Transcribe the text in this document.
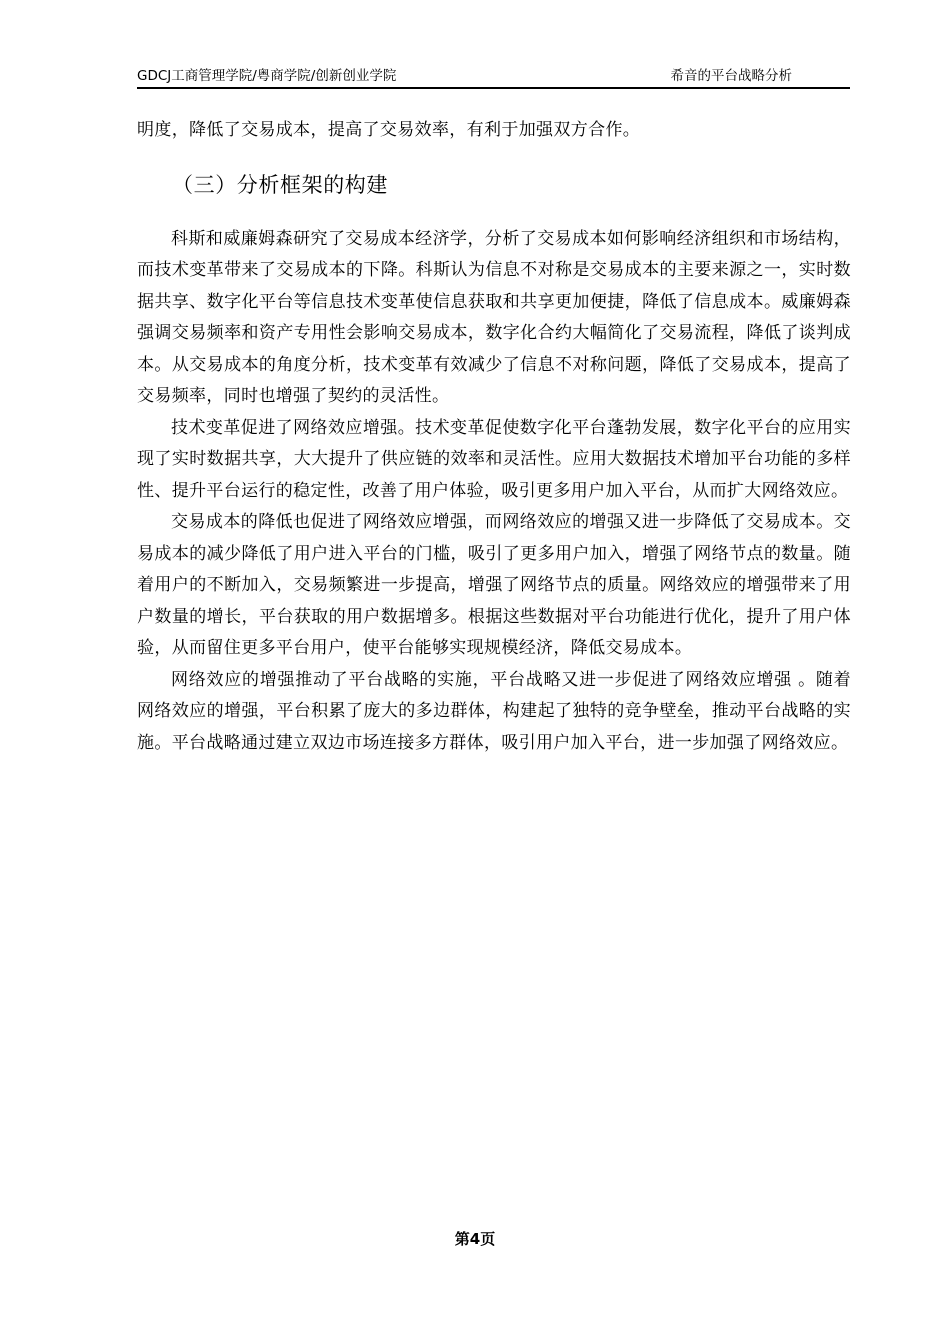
GDCJ工商管理学院/粤商学院/创新创业学院	希音的平台战略分析

明度，降低了交易成本，提高了交易效率，有利于加强双方合作。

（三）分析框架的构建

科斯和威廉姆森研究了交易成本经济学，分析了交易成本如何影响经济组织和市场结构，而技术变革带来了交易成本的下降。科斯认为信息不对称是交易成本的主要来源之一，实时数据共享、数字化平台等信息技术变革使信息获取和共享更加便捷，降低了信息成本。威廉姆森强调交易频率和资产专用性会影响交易成本，数字化合约大幅简化了交易流程，降低了谈判成本。从交易成本的角度分析，技术变革有效减少了信息不对称问题，降低了交易成本，提高了交易频率，同时也增强了契约的灵活性。

技术变革促进了网络效应增强。技术变革促使数字化平台蓬勃发展，数字化平台的应用实现了实时数据共享，大大提升了供应链的效率和灵活性。应用大数据技术增加平台功能的多样性、提升平台运行的稳定性，改善了用户体验，吸引更多用户加入平台，从而扩大网络效应。

交易成本的降低也促进了网络效应增强，而网络效应的增强又进一步降低了交易成本。交易成本的减少降低了用户进入平台的门槛，吸引了更多用户加入，增强了网络节点的数量。随着用户的不断加入，交易频繁进一步提高，增强了网络节点的质量。网络效应的增强带来了用户数量的增长，平台获取的用户数据增多。根据这些数据对平台功能进行优化，提升了用户体验，从而留住更多平台用户，使平台能够实现规模经济，降低交易成本。

网络效应的增强推动了平台战略的实施，平台战略又进一步促进了网络效应增强 。随着网络效应的增强，平台积累了庞大的多边群体，构建起了独特的竞争壁垒，推动平台战略的实施。平台战略通过建立双边市场连接多方群体，吸引用户加入平台，进一步加强了网络效应。

第4页
